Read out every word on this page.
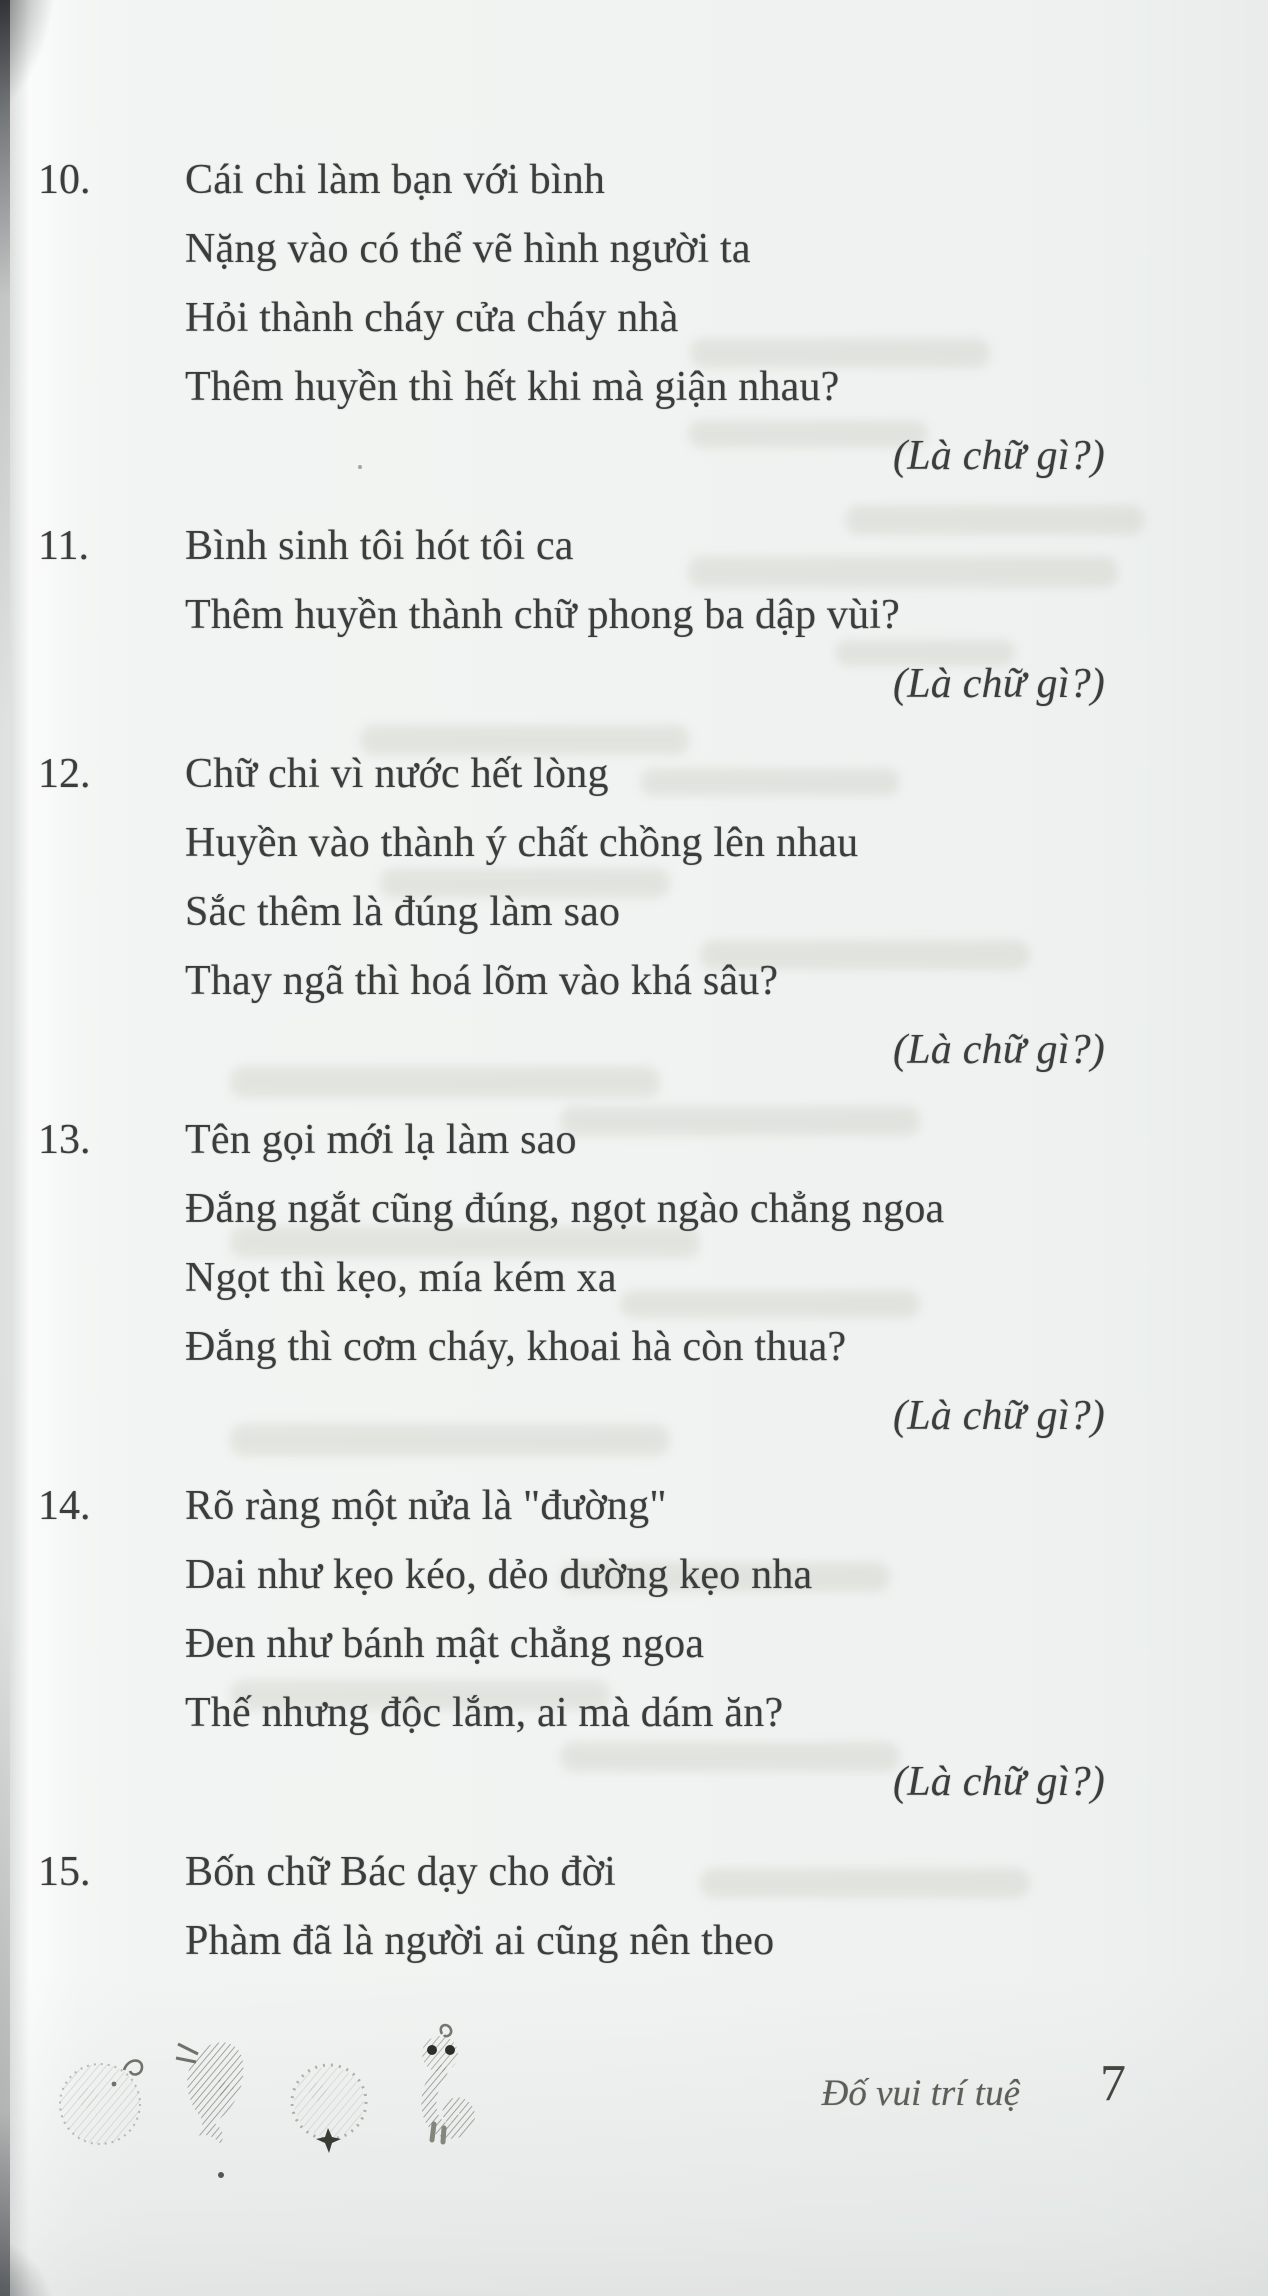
10.	Cái chi làm bạn với bình
Nặng vào có thể vẽ hình người ta
Hỏi thành cháy cửa cháy nhà
Thêm huyền thì hết khi mà giận nhau?
(Là chữ gì?)
11.	Bình sinh tôi hót tôi ca
Thêm huyền thành chữ phong ba dập vùi?
(Là chữ gì?)
12.	Chữ chi vì nước hết lòng
Huyền vào thành ý chất chồng lên nhau
Sắc thêm là đúng làm sao
Thay ngã thì hoá lõm vào khá sâu?
(Là chữ gì?)
13.	Tên gọi mới lạ làm sao
Đắng ngắt cũng đúng, ngọt ngào chẳng ngoa
Ngọt thì kẹo, mía kém xa
Đắng thì cơm cháy, khoai hà còn thua?
(Là chữ gì?)
14.	Rõ ràng một nửa là "đường"
Dai như kẹo kéo, dẻo dường kẹo nha
Đen như bánh mật chẳng ngoa
Thế nhưng độc lắm, ai mà dám ăn?
(Là chữ gì?)
15.	Bốn chữ Bác dạy cho đời
Phàm đã là người ai cũng nên theo
Đố vui trí tuệ 7
